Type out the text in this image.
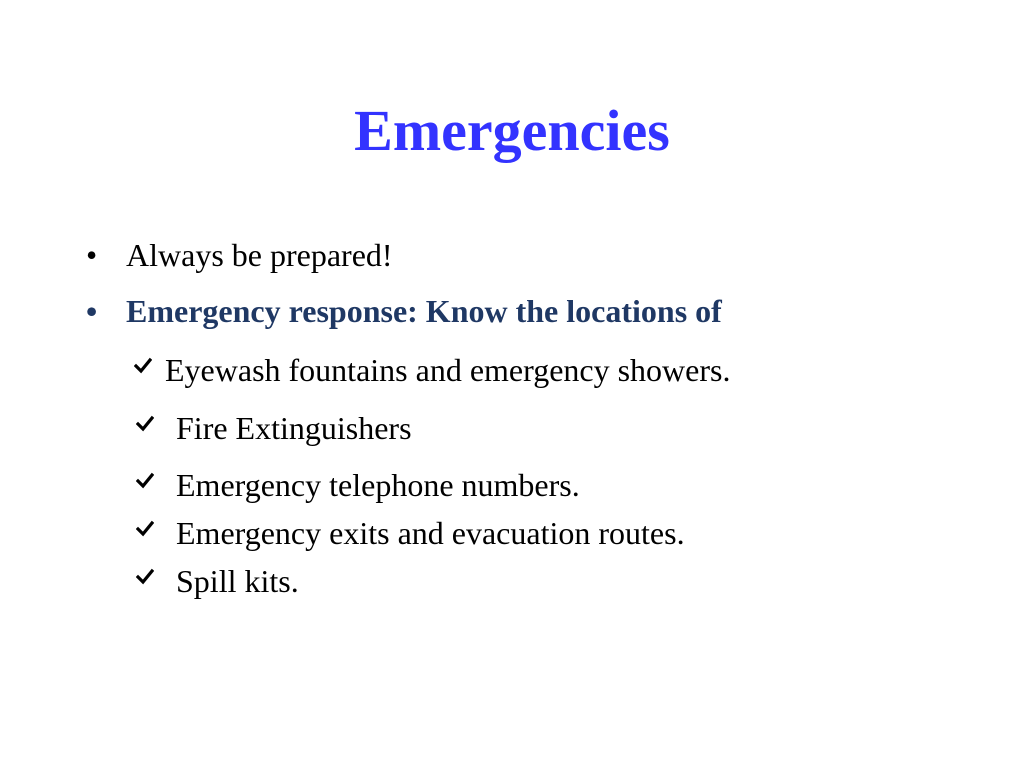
Emergencies
• Always be prepared!
• Emergency response: Know the locations of
Eyewash fountains and emergency showers.
Fire Extinguishers
Emergency telephone numbers.
Emergency exits and evacuation routes.
Spill kits.
